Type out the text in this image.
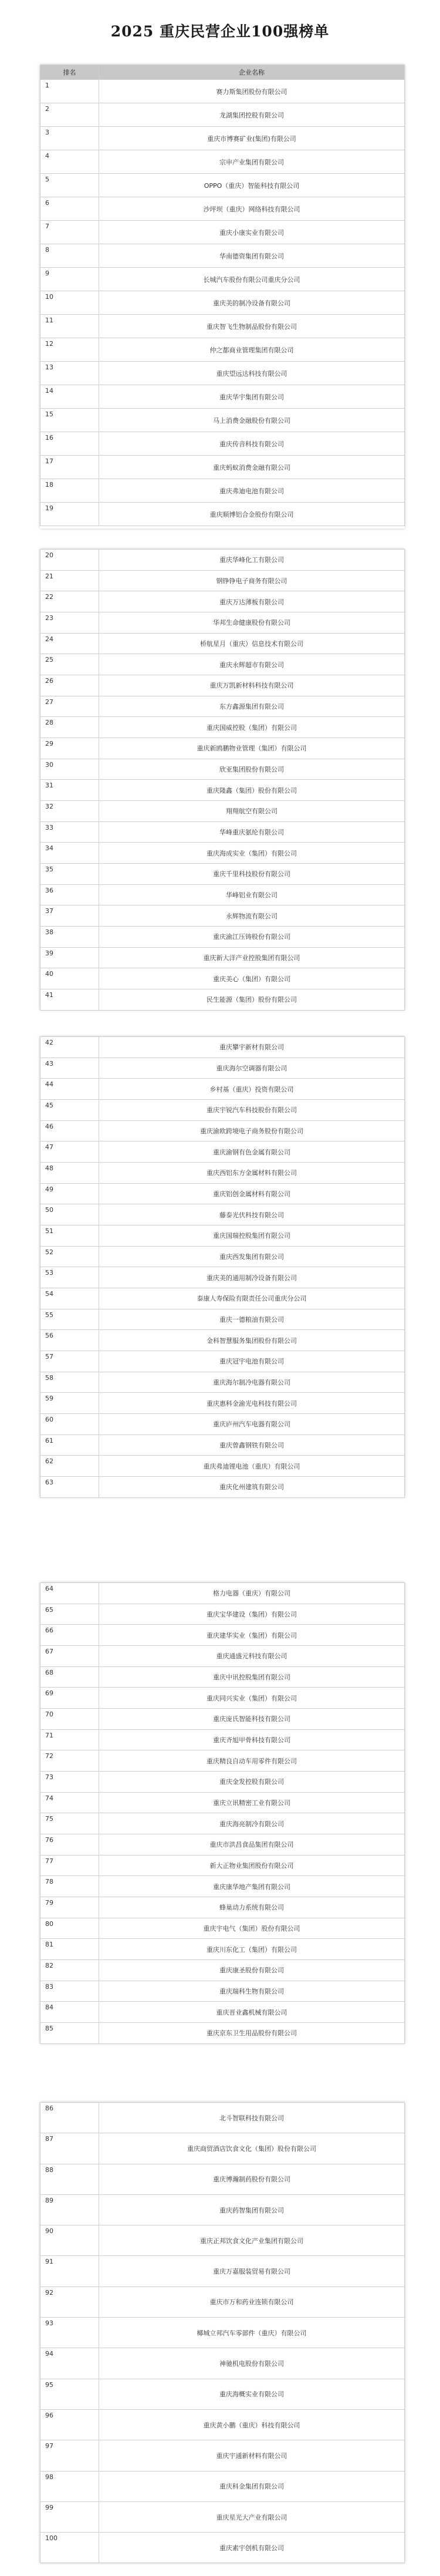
2025 重庆民营企业100强榜单
排名	企业名称
1	赛力斯集团股份有限公司
2	龙湖集团控股有限公司
3	重庆市博赛矿业(集团)有限公司
4	宗申产业集团有限公司
5	OPPO（重庆）智能科技有限公司
6	沙坪坝（重庆）网络科技有限公司
7	重庆小康实业有限公司
8	华南德资集团有限公司
9	长城汽车股份有限公司重庆分公司
10	重庆美的制冷设备有限公司
11	重庆智飞生物制品股份有限公司
12	仲之都商业管理集团有限公司
13	重庆望远达科技有限公司
14	重庆华宇集团有限公司
15	马上消费金融股份有限公司
16	重庆传音科技有限公司
17	重庆蚂蚁消费金融有限公司
18	重庆弗迪电池有限公司
19	重庆顺博铝合金股份有限公司
20	重庆华峰化工有限公司
21	钢铮铮电子商务有限公司
22	重庆万达薄板有限公司
23	华邦生命健康股份有限公司
24	桥航星月（重庆）信息技术有限公司
25	重庆永辉超市有限公司
26	重庆万凯新材料科技有限公司
27	东方鑫源集团有限公司
28	重庆国威控股（集团）有限公司
29	重庆新鸥鹏物业管理（集团）有限公司
30	欣亚集团股份有限公司
31	重庆隆鑫（集团）股份有限公司
32	翔翔航空有限公司
33	华峰重庆氨纶有限公司
34	重庆海成实业（集团）有限公司
35	重庆千里科技股份有限公司
36	华峰铝业有限公司
37	永辉物流有限公司
38	重庆渝江压铸股份有限公司
39	重庆新大洋产业控股集团有限公司
40	重庆美心（集团）有限公司
41	民生能源（集团）股份有限公司
42	重庆攀宇新材有限公司
43	重庆海尔空调器有限公司
44	乡村基（重庆）投资有限公司
45	重庆宇锐汽车科技股份有限公司
46	重庆渝欧跨境电子商务股份有限公司
47	重庆渝钢有色金属有限公司
48	重庆西铝东方金属材料有限公司
49	重庆铝创金属材料有限公司
50	藤泰光伏科技有限公司
51	重庆国瑞控股集团有限公司
52	重庆西发集团有限公司
53	重庆美的通用制冷设备有限公司
54	泰康人寿保险有限责任公司重庆分公司
55	重庆一德粮油有限公司
56	金科智慧服务集团股份有限公司
57	重庆冠宇电池有限公司
58	重庆海尔制冷电器有限公司
59	重庆惠科金渝光电科技有限公司
60	重庆庐州汽车电器有限公司
61	重庆曾鑫钢铁有限公司
62	重庆弗迪锂电池（重庆）有限公司
63	重庆化州建筑有限公司
64	格力电器（重庆）有限公司
65	重庆宝华建设（集团）有限公司
66	重庆建华实业（集团）有限公司
67	重庆通盛元科技有限公司
68	重庆中讯控股集团有限公司
69	重庆同兴实业（集团）有限公司
70	重庆庞氏智能科技有限公司
71	重庆齐旭甲骨科技有限公司
72	重庆精良自动车用零件有限公司
73	重庆金发控股有限公司
74	重庆立讯精密工业有限公司
75	重庆海亮制冷有限公司
76	重庆市洪昌食品集团有限公司
77	新大正物业集团股份有限公司
78	重庆康华地产集团有限公司
79	蜂巢动力系统有限公司
80	重庆宇电气（集团）股份有限公司
81	重庆川东化工（集团）有限公司
82	重庆康圣股份有限公司
83	重庆瑞科生物有限公司
84	重庆晋业鑫机械有限公司
85	重庆京东卫生用品股份有限公司
86	北斗智联科技有限公司
87	重庆商贸酒店饮食文化（集团）股份有限公司
88	重庆博瀚制药股份有限公司
89	重庆药智集团有限公司
90	重庆正邦饮食文化产业集团有限公司
91	重庆万嘉服装贸易有限公司
92	重庆市万和药业连锁有限公司
93	椰城立邦汽车零部件（重庆）有限公司
94	神驰机电股份有限公司
95	重庆海概实业有限公司
96	重庆黄小鹏（重庆）科技有限公司
97	重庆宇通新材料有限公司
98	重庆科金集团有限公司
99	重庆星光大产业有限公司
100	重庆素宇创机有限公司
